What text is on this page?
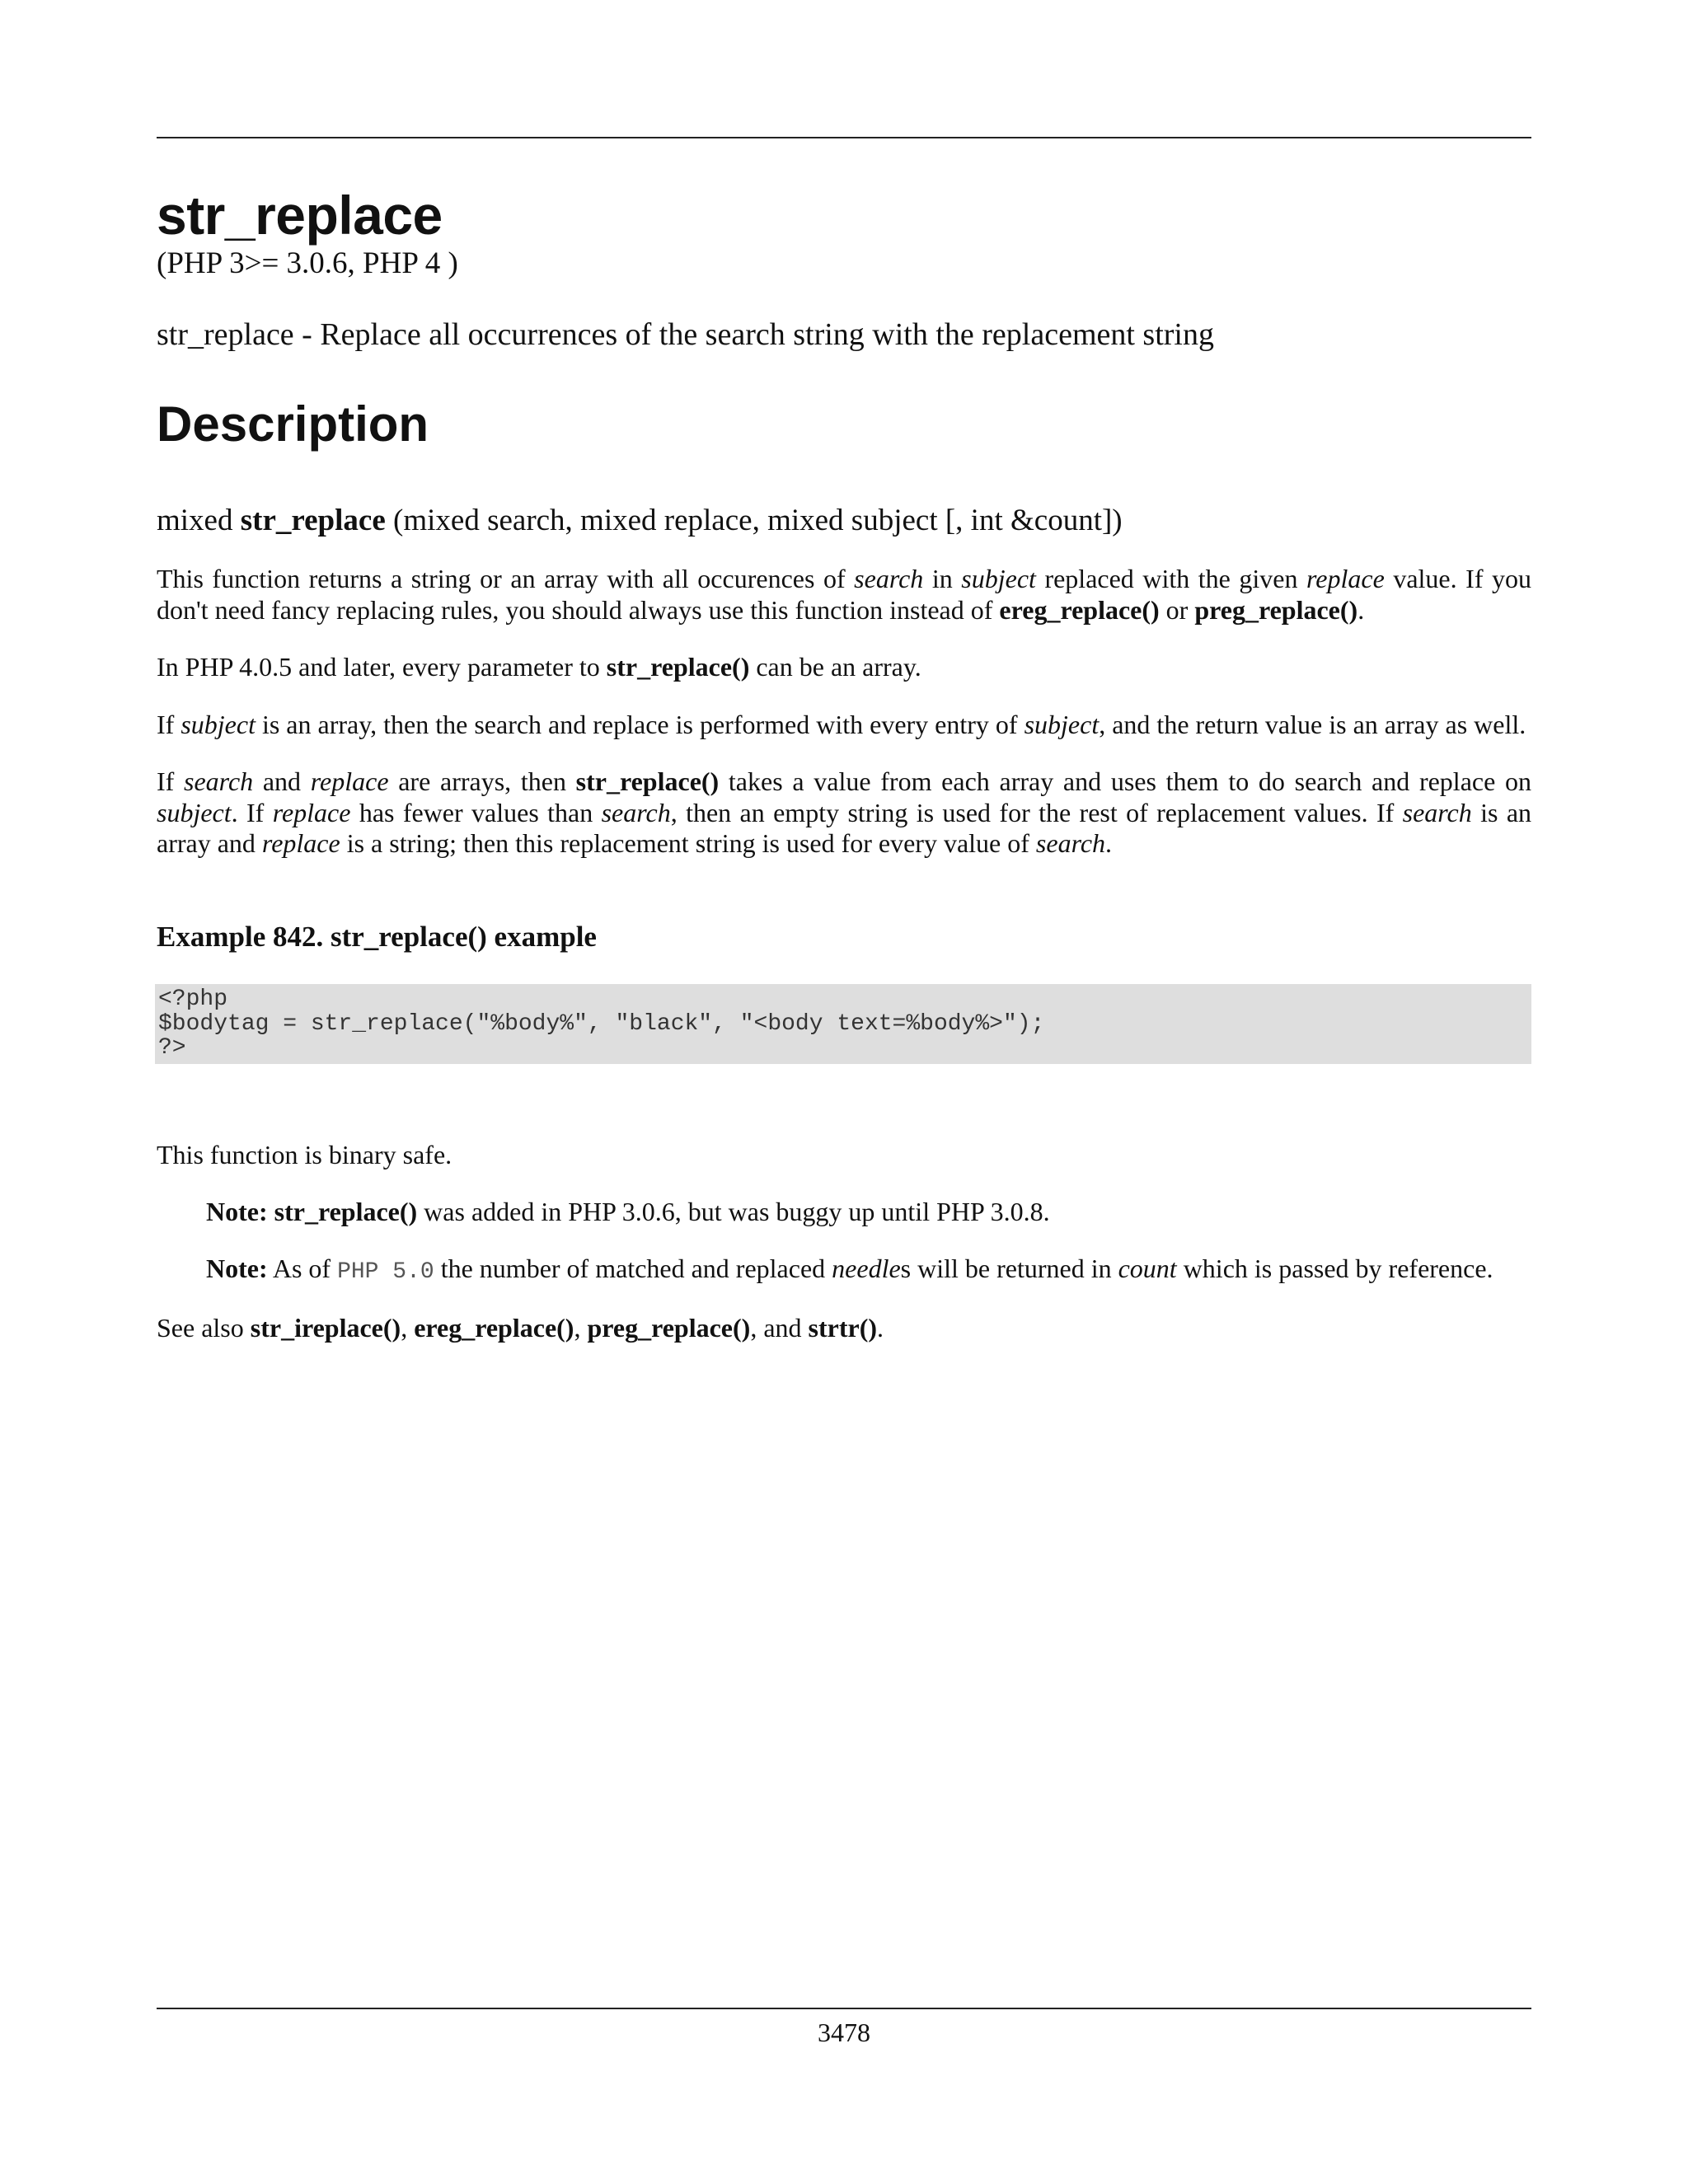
str_replace
(PHP 3>= 3.0.6, PHP 4 )
str_replace - Replace all occurrences of the search string with the replacement string
Description
mixed str_replace (mixed search, mixed replace, mixed subject [, int &count])

This function returns a string or an array with all occurences of search in subject replaced with the given replace value. If you don't need fancy replacing rules, you should always use this function instead of ereg_replace() or preg_replace().

In PHP 4.0.5 and later, every parameter to str_replace() can be an array.

If subject is an array, then the search and replace is performed with every entry of subject, and the return value is an array as well.

If search and replace are arrays, then str_replace() takes a value from each array and uses them to do search and replace on subject. If replace has fewer values than search, then an empty string is used for the rest of replacement values. If search is an array and replace is a string; then this replacement string is used for every value of search.

Example 842. str_replace() example
<?php
$bodytag = str_replace("%body%", "black", "<body text=%body%>");
?>

This function is binary safe.

Note: str_replace() was added in PHP 3.0.6, but was buggy up until PHP 3.0.8.

Note: As of PHP 5.0 the number of matched and replaced needles will be returned in count which is passed by reference.

See also str_ireplace(), ereg_replace(), preg_replace(), and strtr().

3478
